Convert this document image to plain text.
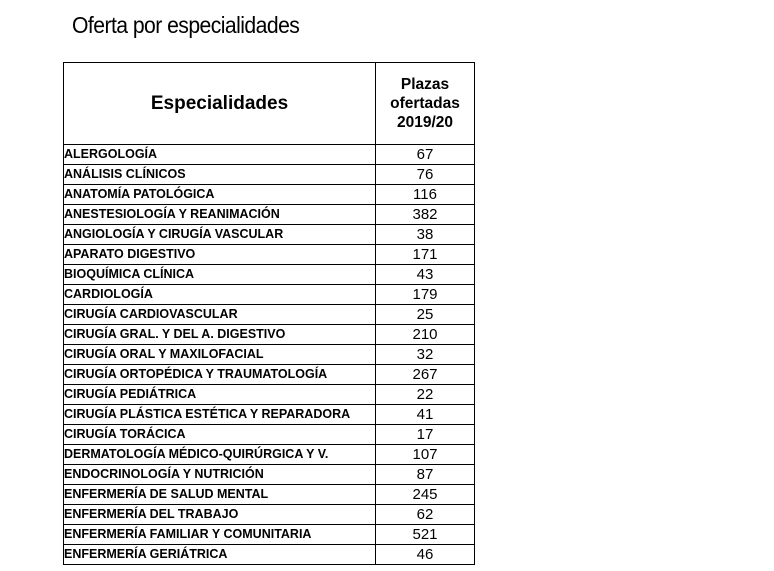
Oferta por especialidades
Especialidades	Plazas
ofertadas
2019/20

ALERGOLOGÍA	67
ANÁLISIS CLÍNICOS	76
ANATOMÍA PATOLÓGICA	116
ANESTESIOLOGÍA Y REANIMACIÓN	382
ANGIOLOGÍA Y CIRUGÍA VASCULAR	38
APARATO DIGESTIVO	171
BIOQUÍMICA CLÍNICA	43
CARDIOLOGÍA	179
CIRUGÍA CARDIOVASCULAR	25
CIRUGÍA GRAL. Y DEL A. DIGESTIVO	210
CIRUGÍA ORAL Y MAXILOFACIAL	32
CIRUGÍA ORTOPÉDICA Y TRAUMATOLOGÍA	267
CIRUGÍA PEDIÁTRICA	22
CIRUGÍA PLÁSTICA ESTÉTICA Y REPARADORA	41
CIRUGÍA TORÁCICA	17
DERMATOLOGÍA MÉDICO-QUIRÚRGICA Y V.	107
ENDOCRINOLOGÍA Y NUTRICIÓN	87
ENFERMERÍA DE SALUD MENTAL	245
ENFERMERÍA DEL TRABAJO	62
ENFERMERÍA FAMILIAR Y COMUNITARIA	521
ENFERMERÍA GERIÁTRICA	46
